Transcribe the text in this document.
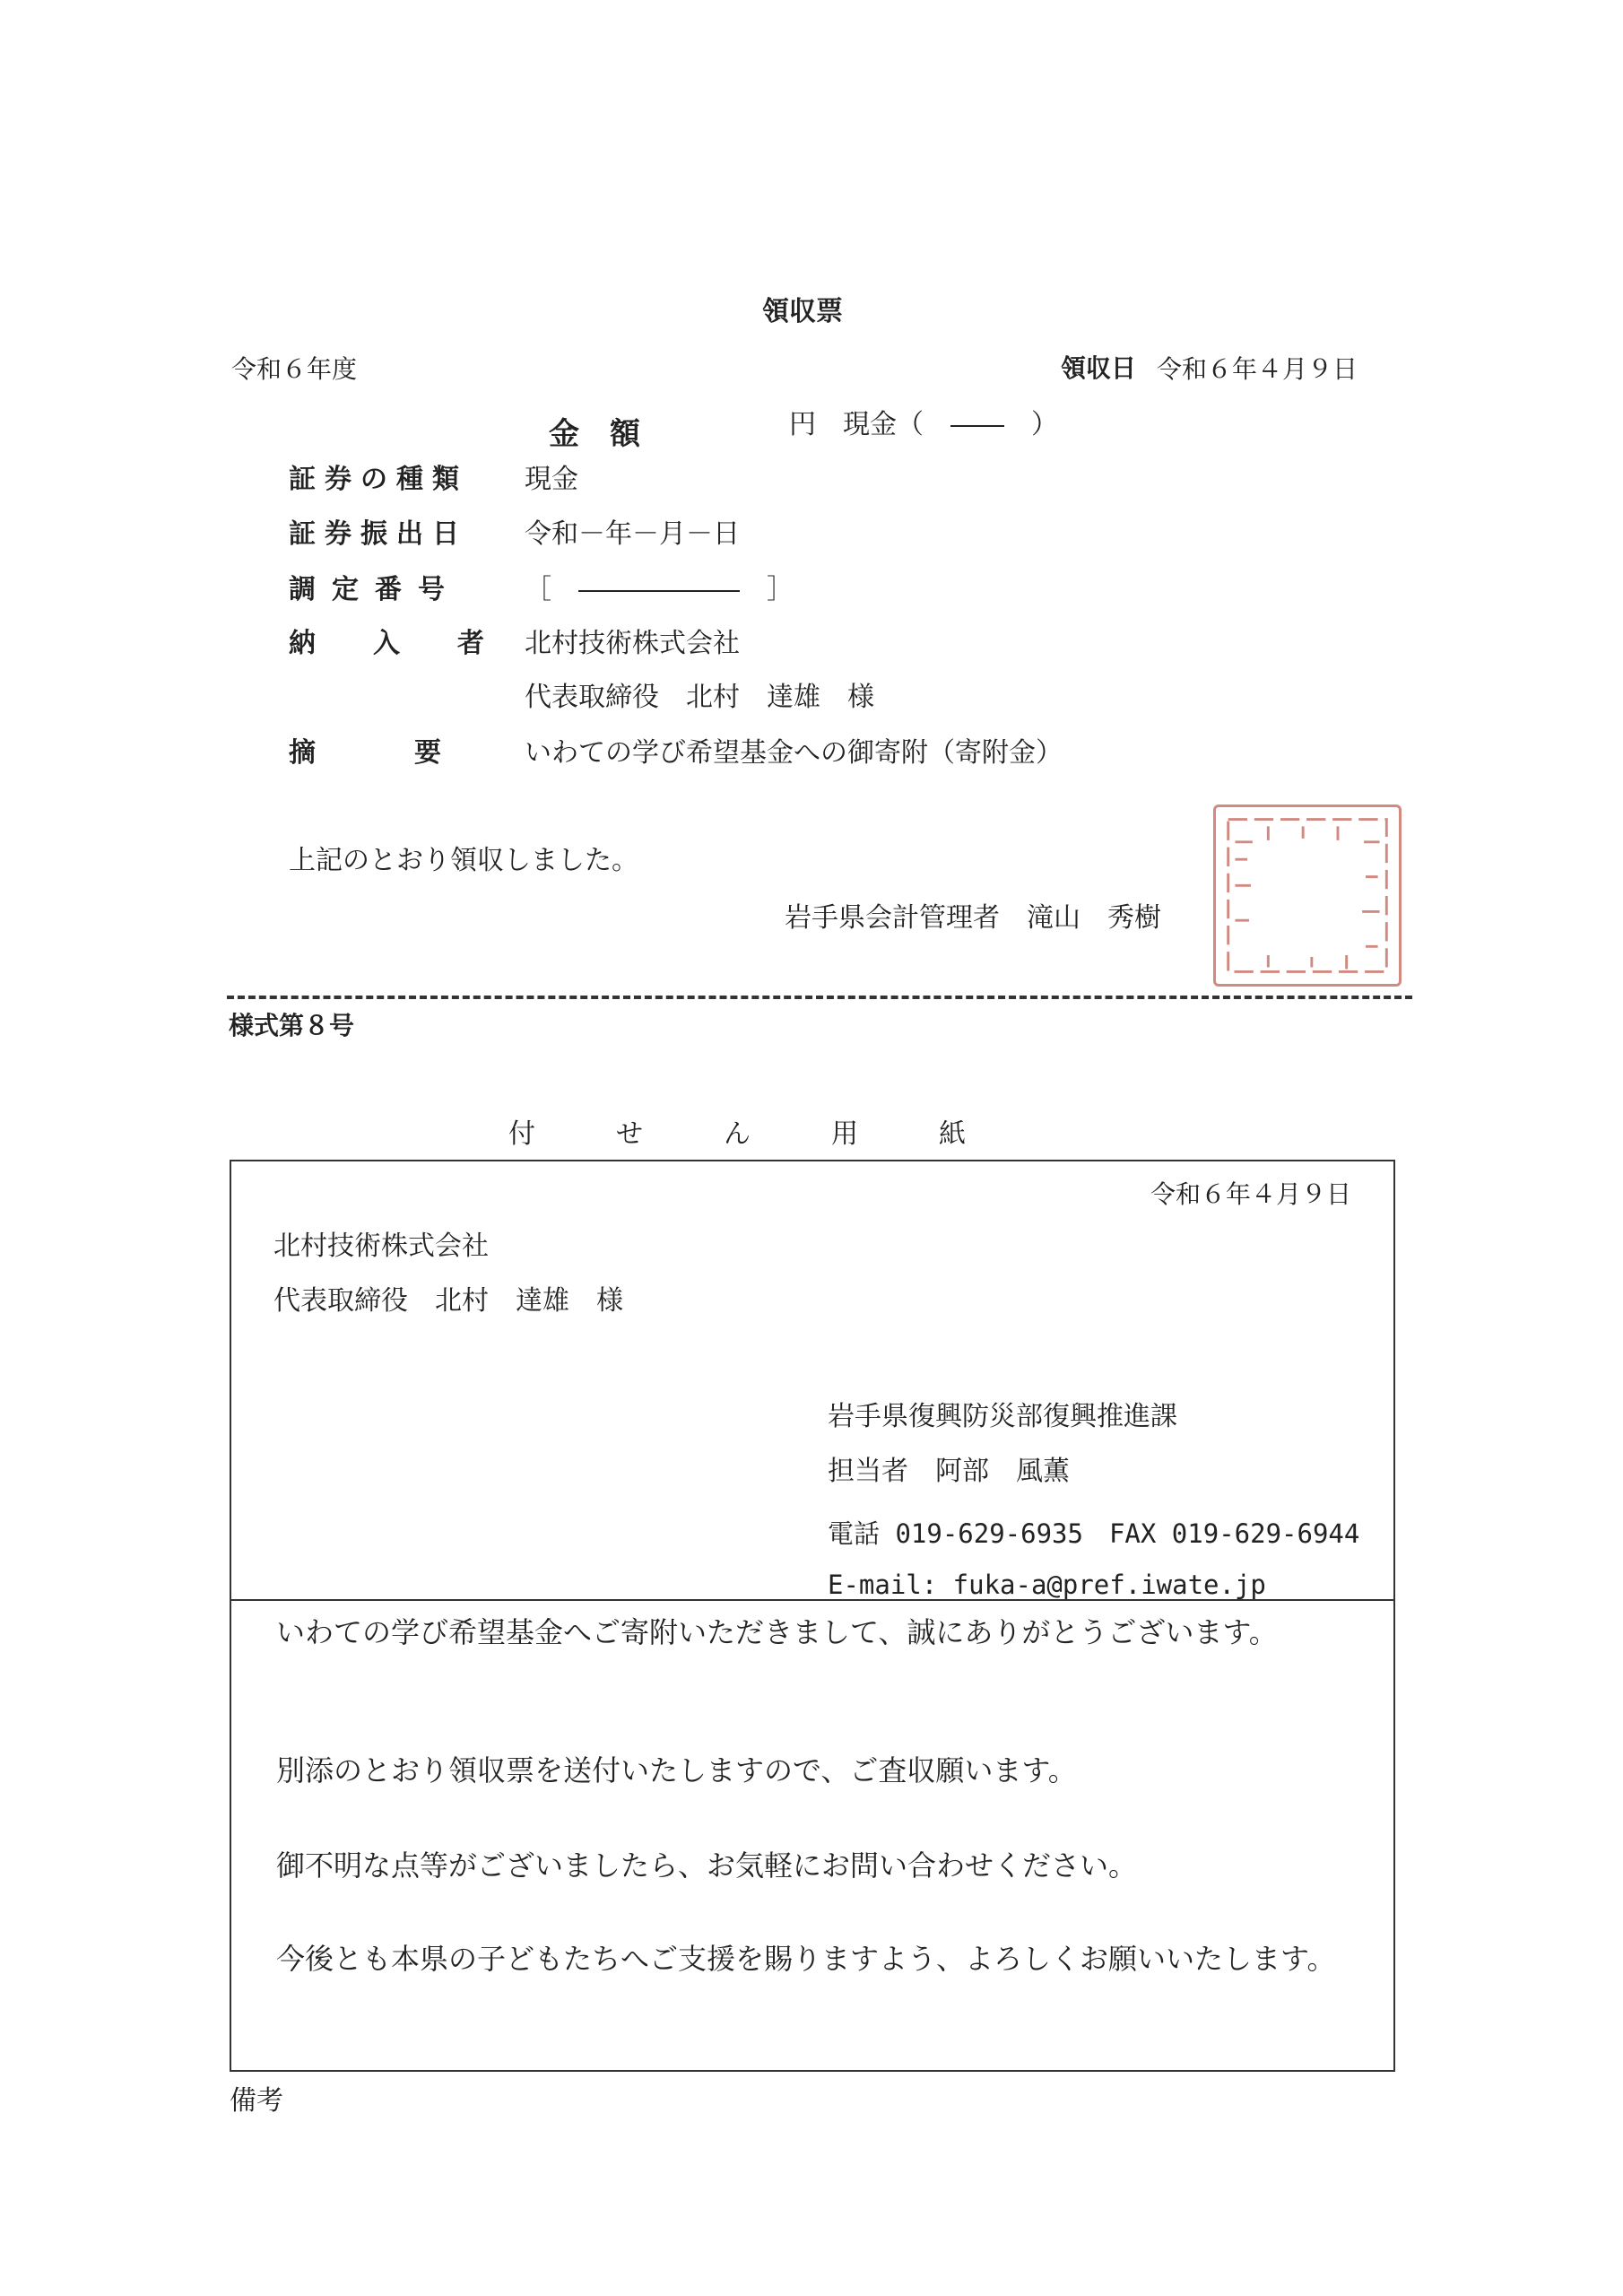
領収票
令和６年度	領収日 令和６年４月９日
金　額	円　現金（　――　）
証券の種類 現金
証券振出日 令和－年－月－日
調定番号 ［　――――――　］
納入者
北村技術株式会社
代表取締役　北村　達雄　様
摘　要 いわての学び希望基金への御寄附（寄附金）
上記のとおり領収しました。
岩手県会計管理者　滝山　秀樹
様式第８号
付　　せ　　ん　　用　　紙
令和６年４月９日
北村技術株式会社
代表取締役　北村　達雄　様
岩手県復興防災部復興推進課
担当者　阿部　風薫
電話 019-629-6935　FAX 019-629-6944
E-mail: fuka-a@pref.iwate.jp
いわての学び希望基金へご寄附いただきまして、誠にありがとうございます。
別添のとおり領収票を送付いたしますので、ご査収願います。
御不明な点等がございましたら、お気軽にお問い合わせください。
今後とも本県の子どもたちへご支援を賜りますよう、よろしくお願いいたします。
備考
